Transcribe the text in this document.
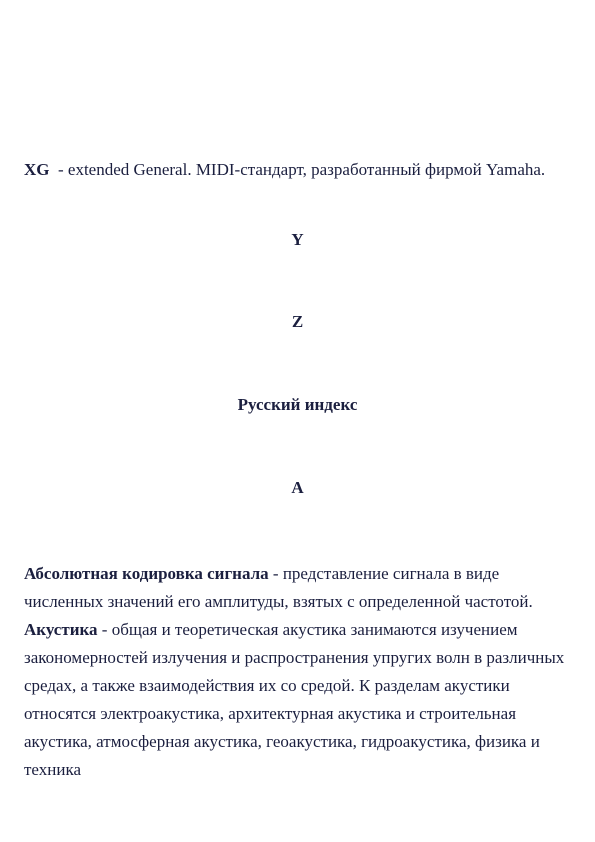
XG  - extended General. MIDI-стандарт, разработанный фирмой Yamaha.
Y
Z
Русский индекс
А
Абсолютная кодировка сигнала - представление сигнала в виде численных значений его амплитуды, взятых с определенной частотой.
Акустика - общая и теоретическая акустика занимаются изучением закономерностей излучения и распространения упругих волн в различных средах, а также взаимодействия их со средой. К разделам акустики относятся электроакустика, архитектурная акустика и строительная акустика, атмосферная акустика, геоакустика, гидроакустика, физика и техника
